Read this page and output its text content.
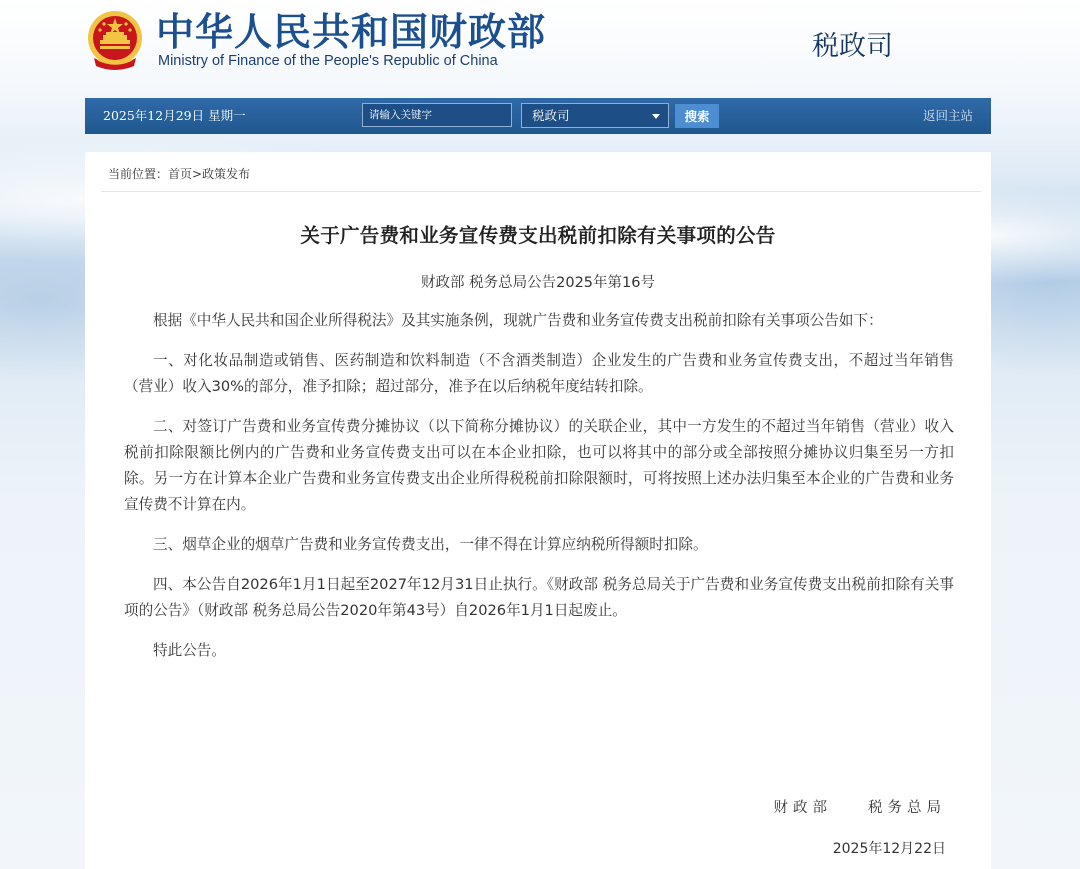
中华人民共和国财政部
Ministry of Finance of the People's Republic of China	税政司
2025年12月29日 星期一
请输入关键字	税政司	搜索	返回主站
当前位置：首页>政策发布
关于广告费和业务宣传费支出税前扣除有关事项的公告
财政部 税务总局公告2025年第16号

根据《中华人民共和国企业所得税法》及其实施条例，现就广告费和业务宣传费支出税前扣除有关事项公告如下：

一、对化妆品制造或销售、医药制造和饮料制造（不含酒类制造）企业发生的广告费和业务宣传费支出，不超过当年销售（营业）收入30%的部分，准予扣除；超过部分，准予在以后纳税年度结转扣除。

二、对签订广告费和业务宣传费分摊协议（以下简称分摊协议）的关联企业，其中一方发生的不超过当年销售（营业）收入税前扣除限额比例内的广告费和业务宣传费支出可以在本企业扣除，也可以将其中的部分或全部按照分摊协议归集至另一方扣除。另一方在计算本企业广告费和业务宣传费支出企业所得税税前扣除限额时，可将按照上述办法归集至本企业的广告费和业务宣传费不计算在内。

三、烟草企业的烟草广告费和业务宣传费支出，一律不得在计算应纳税所得额时扣除。

四、本公告自2026年1月1日起至2027年12月31日止执行。《财政部 税务总局关于广告费和业务宣传费支出税前扣除有关事项的公告》（财政部 税务总局公告2020年第43号）自2026年1月1日起废止。

特此公告。

财政部 税务总局
2025年12月22日
